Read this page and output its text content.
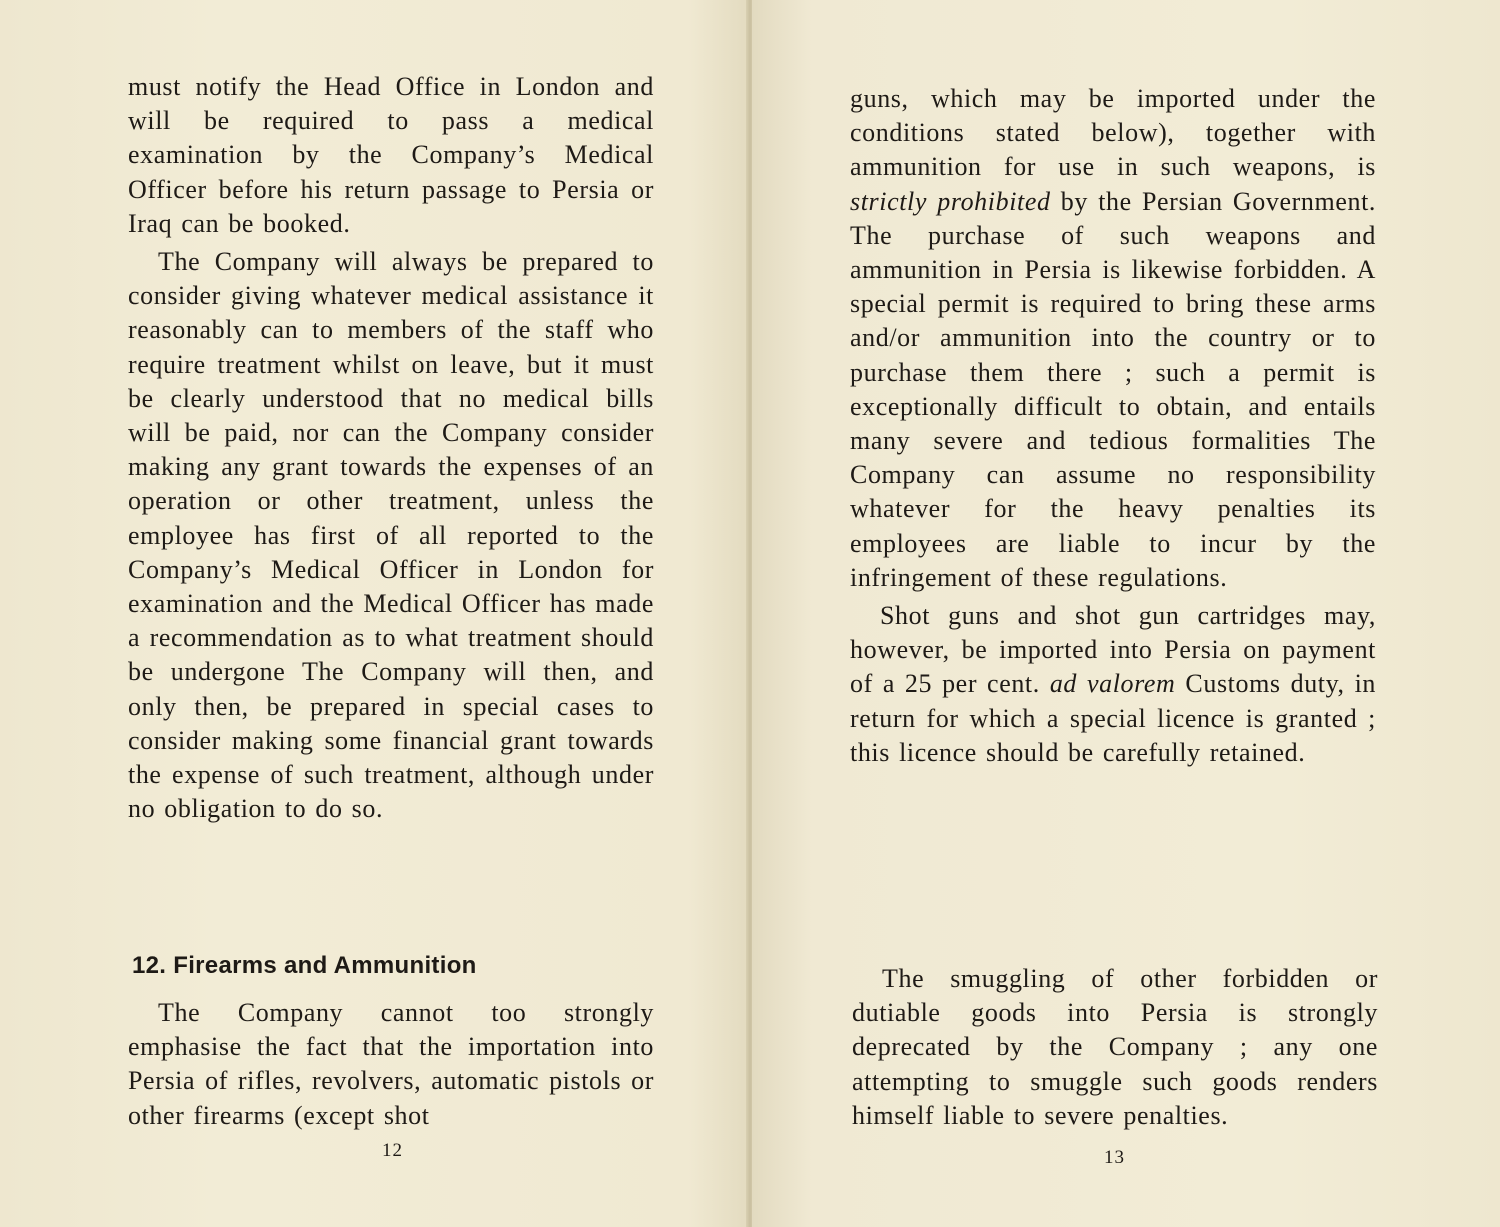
must notify the Head Office in London and will be required to pass a medical examination by the Company’s Medical Officer before his return passage to Persia or Iraq can be booked.

The Company will always be prepared to consider giving whatever medical assistance it reasonably can to members of the staff who require treatment whilst on leave, but it must be clearly understood that no medical bills will be paid, nor can the Company consider making any grant towards the expenses of an operation or other treatment, unless the employee has first of all reported to the Company’s Medical Officer in London for examination and the Medical Officer has made a recommendation as to what treatment should be undergone The Company will then, and only then, be prepared in special cases to consider making some financial grant towards the expense of such treatment, although under no obligation to do so.

12. Firearms and Ammunition

The Company cannot too strongly emphasise the fact that the importation into Persia of rifles, revolvers, automatic pistols or other firearms (except shot

12

guns, which may be imported under the conditions stated below), together with ammunition for use in such weapons, is strictly prohibited by the Persian Government. The purchase of such weapons and ammunition in Persia is likewise forbidden. A special permit is required to bring these arms and/or ammunition into the country or to purchase them there ; such a permit is exceptionally difficult to obtain, and entails many severe and tedious formalities The Company can assume no responsibility whatever for the heavy penalties its employees are liable to incur by the infringement of these regulations.

Shot guns and shot gun cartridges may, however, be imported into Persia on payment of a 25 per cent. ad valorem Customs duty, in return for which a special licence is granted ; this licence should be carefully retained.

The smuggling of other forbidden or dutiable goods into Persia is strongly deprecated by the Company ; any one attempting to smuggle such goods renders himself liable to severe penalties.

13
